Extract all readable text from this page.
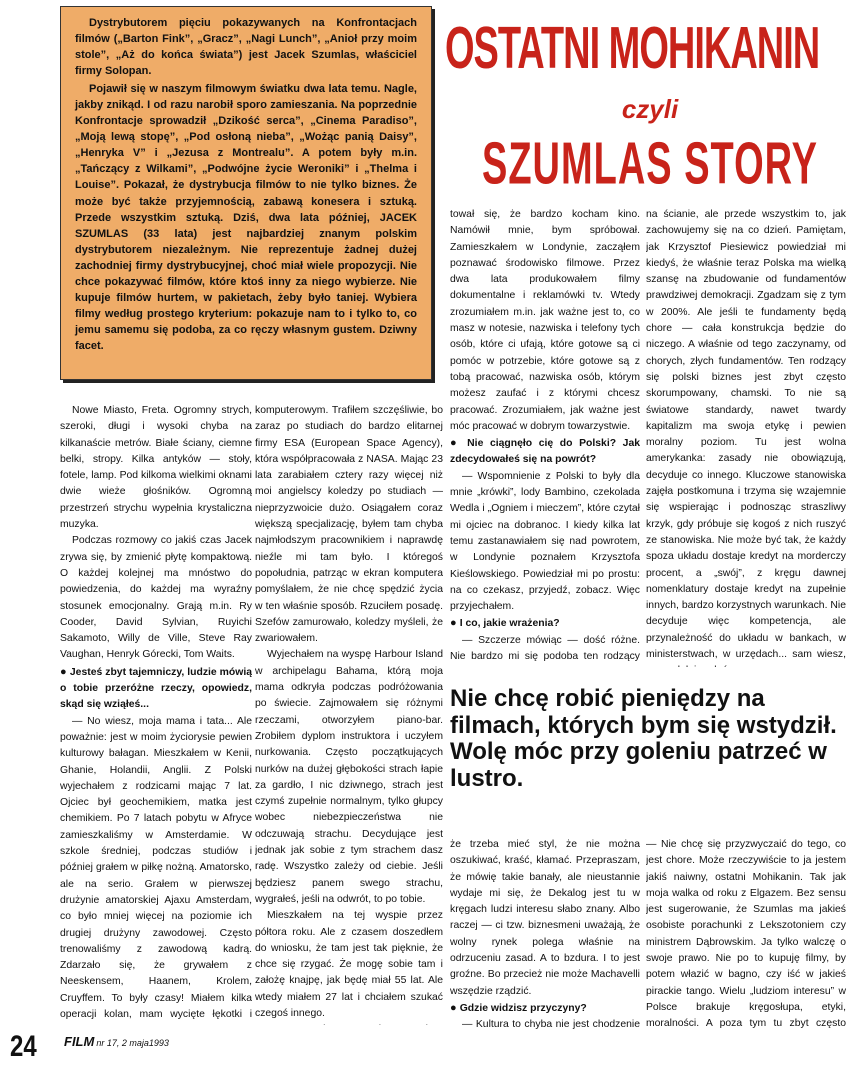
Dystrybutorem pięciu pokazywanych na Konfrontacjach filmów („Barton Fink”, „Gracz”, „Nagi Lunch”, „Anioł przy moim stole”, „Aż do końca świata”) jest Jacek Szumlas, właściciel firmy Solopan.

Pojawił się w naszym filmowym światku dwa lata temu. Nagle, jakby znikąd. I od razu narobił sporo zamieszania. Na poprzednie Konfrontacje sprowadził „Dzikość serca”, „Cinema Paradiso”, „Moją lewą stopę”, „Pod osłoną nieba”, „Wożąc panią Daisy”, „Henryka V” i „Jezusa z Montrealu”. A potem były m.in. „Tańczący z Wilkami”, „Podwójne życie Weroniki” i „Thelma i Louise”. Pokazał, że dystrybucja filmów to nie tylko biznes. Że może być także przyjemnością, zabawą konesera i sztuką. Przede wszystkim sztuką. Dziś, dwa lata później, JACEK SZUMLAS (33 lata) jest najbardziej znanym polskim dystrybutorem niezależnym. Nie reprezentuje żadnej dużej zachodniej firmy dystrybucyjnej, choć miał wiele propozycji. Nie chce pokazywać filmów, które ktoś inny za niego wybierze. Nie kupuje filmów hurtem, w pakietach, żeby było taniej. Wybiera filmy według prostego kryterium: pokazuje nam to i tylko to, co jemu samemu się podoba, za co ręczy własnym gustem. Dziwny facet.

OSTATNI MOHIKANIN
czyli
SZUMLAS STORY

Nowe Miasto, Freta. Ogromny strych, szeroki, długi i wysoki chyba na kilkanaście metrów. Białe ściany, ciemne belki, stropy. Kilka antyków — stoły, fotele, lamp. Pod kilkoma wielkimi oknami dwie wieże głośników. Ogromną przestrzeń strychu wypełnia krystaliczna muzyka.

Podczas rozmowy co jakiś czas Jacek zrywa się, by zmienić płytę kompaktową. O każdej kolejnej ma mnóstwo do powiedzenia, do każdej ma wyraźny stosunek emocjonalny. Grają m.in. Ry Cooder, David Sylvian, Ruyichi Sakamoto, Willy de Ville, Steve Ray Vaughan, Henryk Górecki, Tom Waits.

● Jesteś zbyt tajemniczy, ludzie mówią o tobie przeróżne rzeczy, opowiedz, skąd się wziąłeś...

— No wiesz, moja mama i tata... Ale poważnie: jest w moim życiorysie pewien kulturowy bałagan. Mieszkałem w Kenii, Ghanie, Holandii, Anglii. Z Polski wyjechałem z rodzicami mając 7 lat. Ojciec był geochemikiem, matka jest chemikiem. Po 7 latach pobytu w Afryce zamieszkaliśmy w Amsterdamie. W szkole średniej, podczas studiów i później grałem w piłkę nożną. Amatorsko, ale na serio. Grałem w pierwszej drużynie amatorskiej Ajaxu Amsterdam, co było mniej więcej na poziomie ich drugiej drużyny zawodowej. Często trenowaliśmy z zawodową kadrą. Zdarzało się, że grywałem z Neeskensem, Haanem, Krolem, Cruyffem. To były czasy! Miałem kilka operacji kolan, mam wycięte łękotki i

komputerowym. Trafiłem szczęśliwie, bo zaraz po studiach do bardzo elitarnej firmy ESA (European Space Agency), która współpracowała z NASA. Mając 23 lata zarabiałem cztery razy więcej niż moi angielscy koledzy po studiach — nieprzyzwoicie dużo. Osiągałem coraz większą specjalizację, byłem tam chyba najmłodszym pracownikiem i naprawdę nieźle mi tam było. I któregoś popołudnia, patrząc w ekran komputera pomyślałem, że nie chcę spędzić życia w ten właśnie sposób. Rzuciłem posadę. Szefów zamurowało, koledzy myśleli, że zwariowałem.

Wyjechałem na wyspę Harbour Island w archipelagu Bahama, którą moja mama odkryła podczas podróżowania po świecie. Zajmowałem się różnymi rzeczami, otworzyłem piano-bar. Zrobiłem dyplom instruktora i uczyłem nurkowania. Często początkujących nurków na dużej głębokości strach łapie za gardło, I nic dziwnego, strach jest czymś zupełnie normalnym, tylko głupcy wobec niebezpieczeństwa nie odczuwają strachu. Decydujące jest jednak jak sobie z tym strachem dasz radę. Wszystko zależy od ciebie. Jeśli będziesz panem swego strachu, wygrałeś, jeśli na odwrót, to po tobie.

Mieszkałem na tej wyspie przez półtora roku. Ale z czasem doszedłem do wniosku, że tam jest tak pięknie, że chce się rzygać. Że mogę sobie tam i założę knajpę, jak będę miał 55 lat. Ale wtedy miałem 27 lat i chciałem szukać czegoś innego.

tował się, że bardzo kocham kino. Namówił mnie, bym spróbował. Zamieszkałem w Londynie, zacząłem poznawać środowisko filmowe. Przez dwa lata produkowałem filmy dokumentalne i reklamówki tv. Wtedy zrozumiałem m.in. jak ważne jest to, co masz w notesie, nazwiska i telefony tych osób, które ci ufają, które gotowe są ci pomóc w potrzebie, które gotowe są z tobą pracować, nazwiska osób, którym możesz zaufać i z którymi chcesz pracować. Zrozumiałem, jak ważne jest móc pracować w dobrym towarzystwie.

● Nie ciągnęło cię do Polski? Jak zdecydowałeś się na powrót?

— Wspomnienie z Polski to były dla mnie „krówki”, lody Bambino, czekolada Wedla i „Ogniem i mieczem”, które czytał mi ojciec na dobranoc. I kiedy kilka lat temu zastanawiałem się nad powrotem, w Londynie poznałem Krzysztofa Kieślowskiego. Powiedział mi po prostu: na co czekasz, przyjedź, zobacz. Więc przyjechałem.

● I co, jakie wrażenia?

— Szczerze mówiąc — dość różne. Nie bardzo mi się podoba ten rodzący

na ścianie, ale przede wszystkim to, jak zachowujemy się na co dzień. Pamiętam, jak Krzysztof Piesiewicz powiedział mi kiedyś, że właśnie teraz Polska ma wielką szansę na zbudowanie od fundamentów prawdziwej demokracji. Zgadzam się z tym w 200%. Ale jeśli te fundamenty będą chore — cała konstrukcja będzie do niczego. A właśnie od tego zaczynamy, od chorych, złych fundamentów. Ten rodzący się polski biznes jest zbyt często skorumpowany, chamski. To nie są światowe standardy, nawet twardy kapitalizm ma swoja etykę i pewien moralny poziom. Tu jest wolna amerykanka: zasady nie obowiązują, decyduje co innego. Kluczowe stanowiska zajęła postkomuna i trzyma się wzajemnie się wspierając i podnosząc straszliwy krzyk, gdy próbuje się kogoś z nich ruszyć ze stanowiska. Nie może być tak, że każdy spoza układu dostaje kredyt na morderczy procent, a „swój”, z kręgu dawnej nomenklatury dostaje kredyt na zupełnie innych, bardzo korzystnych warunkach. Nie decyduje więc kompetencja, ale przynależność do układu w bankach, w ministerstwach, w urzędach... sam wiesz,

Nie chcę robić pieniędzy na filmach, których bym się wstydził. Wolę móc przy goleniu patrzeć w lustro.

że trzeba mieć styl, że nie można oszukiwać, kraść, kłamać. Przepraszam, że mówię takie banały, ale nieustannie wydaje mi się, że Dekalog jest tu w kręgach ludzi interesu słabo znany. Albo raczej — ci tzw. biznesmeni uważają, że wolny rynek polega właśnie na odrzuceniu zasad. A to bzdura. I to jest groźne. Bo przecież nie może Machavelli wszędzie rządzić.

● Gdzie widzisz przyczyny?

— Kultura to chyba nie jest chodzenie

— Nie chcę się przyzwyczaić do tego, co jest chore. Może rzeczywiście to ja jestem jakiś naiwny, ostatni Mohikanin. Tak jak moja walka od roku z Elgazem. Bez sensu jest sugerowanie, że Szumlas ma jakieś osobiste porachunki z Lekszotoniem czy ministrem Dąbrowskim. Ja tylko walczę o swoje prawo. Nie po to kupuję filmy, by potem włazić w bagno, czy iść w jakieś pirackie tango. Wielu „ludziom interesu” w Polsce brakuje kręgosłupa, etyki, moralności. A poza tym tu zbyt często

24 FILM nr 17, 2 maja1993
